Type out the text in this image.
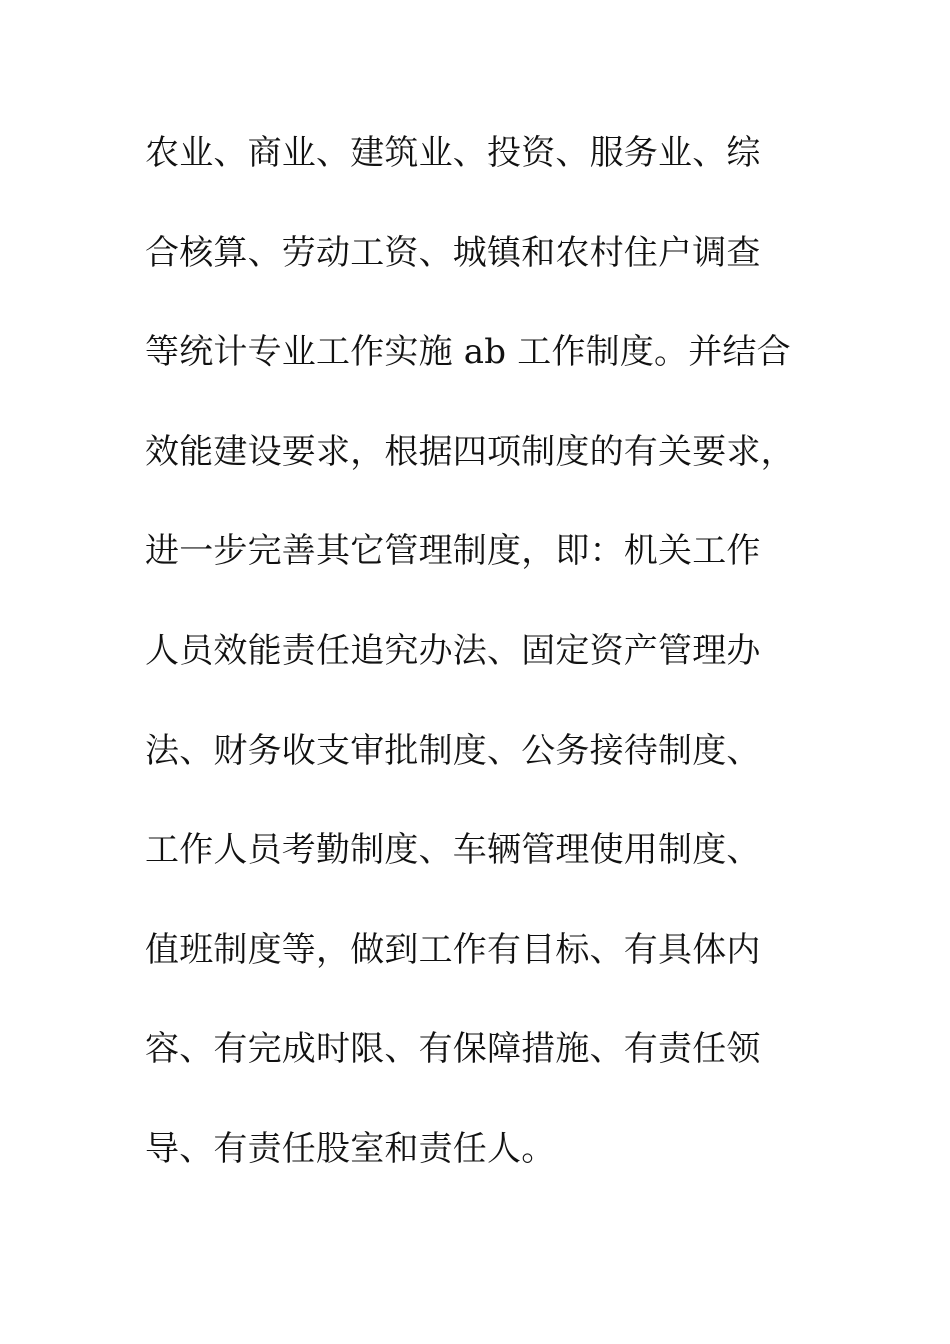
农业、商业、建筑业、投资、服务业、综
合核算、劳动工资、城镇和农村住户调查
等统计专业工作实施 ab 工作制度。并结合
效能建设要求，根据四项制度的有关要求，
进一步完善其它管理制度，即：机关工作
人员效能责任追究办法、固定资产管理办
法、财务收支审批制度、公务接待制度、
工作人员考勤制度、车辆管理使用制度、
值班制度等，做到工作有目标、有具体内
容、有完成时限、有保障措施、有责任领
导、有责任股室和责任人。
